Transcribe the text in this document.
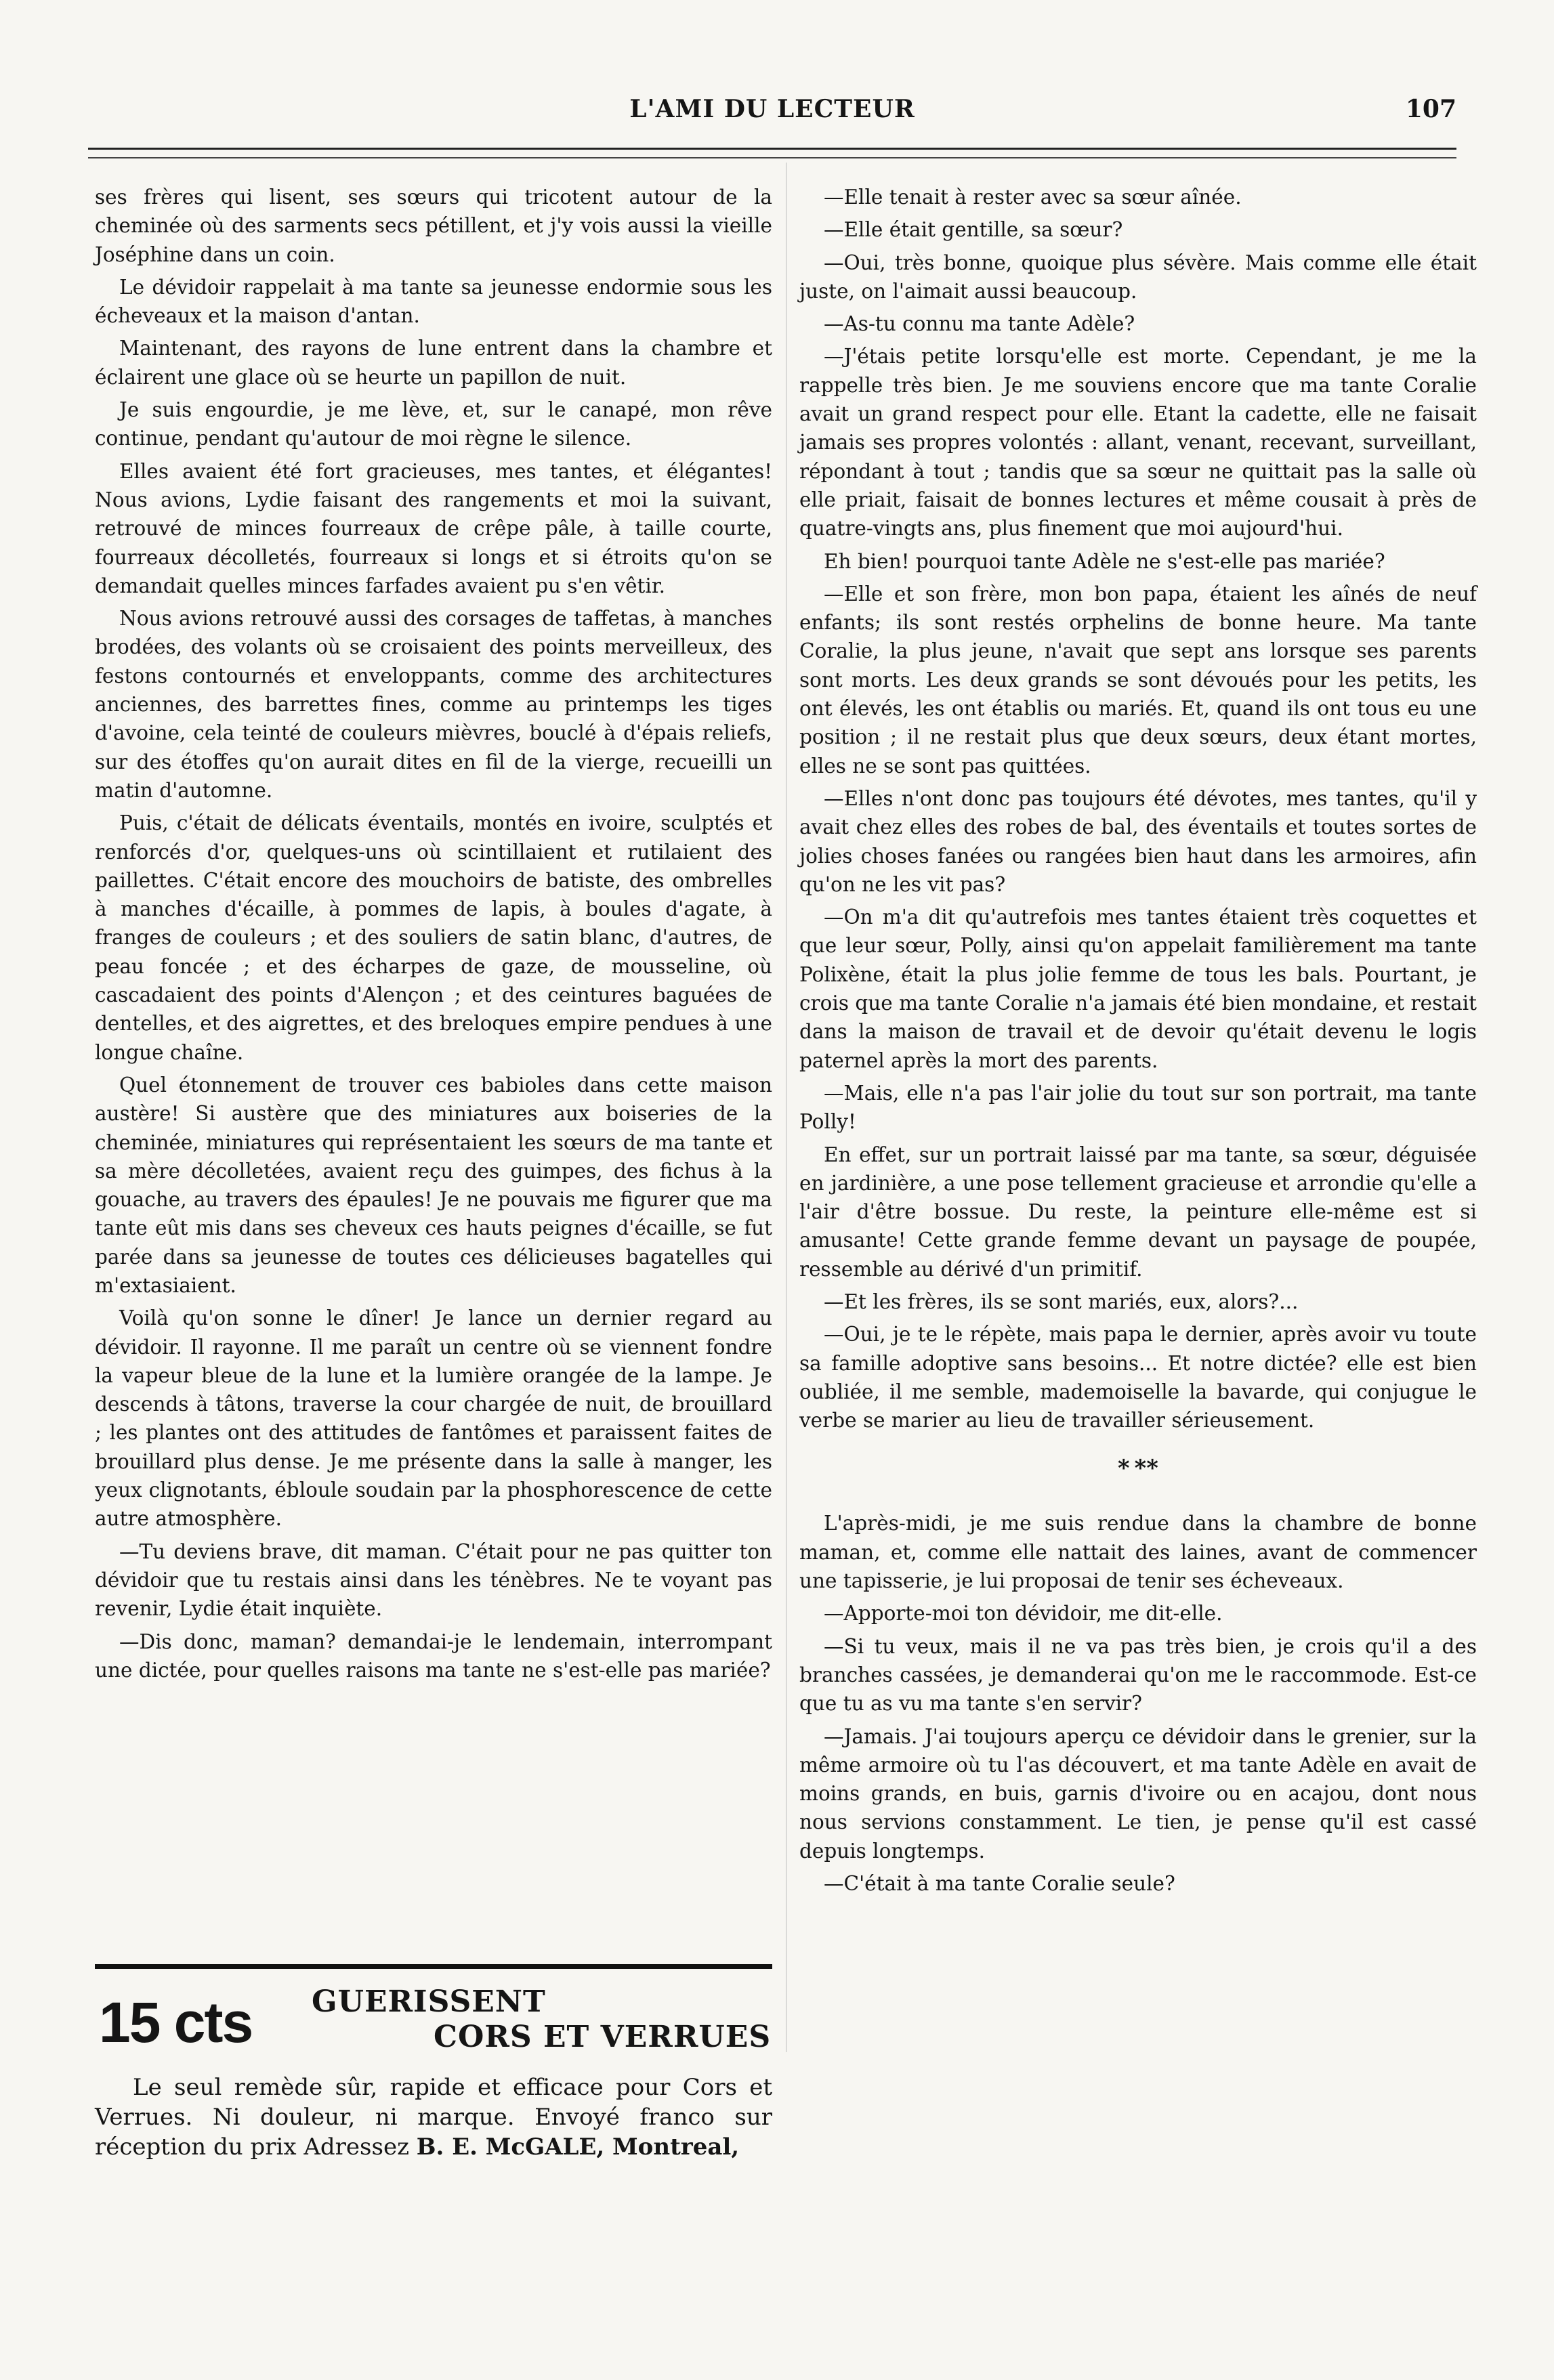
L'AMI DU LECTEUR	107

ses frères qui lisent, ses sœurs qui tricotent autour de la cheminée où des sarments secs pétillent, et j'y vois aussi la vieille Joséphine dans un coin.

Le dévidoir rappelait à ma tante sa jeunesse endormie sous les écheveaux et la maison d'antan.

Maintenant, des rayons de lune entrent dans la chambre et éclairent une glace où se heurte un papillon de nuit.

Je suis engourdie, je me lève, et, sur le canapé, mon rêve continue, pendant qu'autour de moi règne le silence.

Elles avaient été fort gracieuses, mes tantes, et élégantes! Nous avions, Lydie faisant des rangements et moi la suivant, retrouvé de minces fourreaux de crêpe pâle, à taille courte, fourreaux décolletés, fourreaux si longs et si étroits qu'on se demandait quelles minces farfades avaient pu s'en vêtir.

Nous avions retrouvé aussi des corsages de taffetas, à manches brodées, des volants où se croisaient des points merveilleux, des festons contournés et enveloppants, comme des architectures anciennes, des barrettes fines, comme au printemps les tiges d'avoine, cela teinté de couleurs mièvres, bouclé à d'épais reliefs, sur des étoffes qu'on aurait dites en fil de la vierge, recueilli un matin d'automne.

Puis, c'était de délicats éventails, montés en ivoire, sculptés et renforcés d'or, quelques-uns où scintillaient et rutilaient des paillettes. C'était encore des mouchoirs de batiste, des ombrelles à manches d'écaille, à pommes de lapis, à boules d'agate, à franges de couleurs ; et des souliers de satin blanc, d'autres, de peau foncée ; et des écharpes de gaze, de mousseline, où cascadaient des points d'Alençon ; et des ceintures baguées de dentelles, et des aigrettes, et des breloques empire pendues à une longue chaîne.

Quel étonnement de trouver ces babioles dans cette maison austère! Si austère que des miniatures aux boiseries de la cheminée, miniatures qui représentaient les sœurs de ma tante et sa mère décolletées, avaient reçu des guimpes, des fichus à la gouache, au travers des épaules! Je ne pouvais me figurer que ma tante eût mis dans ses cheveux ces hauts peignes d'écaille, se fut parée dans sa jeunesse de toutes ces délicieuses bagatelles qui m'extasiaient.

Voilà qu'on sonne le dîner! Je lance un dernier regard au dévidoir. Il rayonne. Il me paraît un centre où se viennent fondre la vapeur bleue de la lune et la lumière orangée de la lampe. Je descends à tâtons, traverse la cour chargée de nuit, de brouillard ; les plantes ont des attitudes de fantômes et paraissent faites de brouillard plus dense. Je me présente dans la salle à manger, les yeux clignotants, ébloule soudain par la phosphorescence de cette autre atmosphère.

—Tu deviens brave, dit maman. C'était pour ne pas quitter ton dévidoir que tu restais ainsi dans les ténèbres. Ne te voyant pas revenir, Lydie était inquiète.

—Dis donc, maman? demandai-je le lendemain, interrompant une dictée, pour quelles raisons ma tante ne s'est-elle pas mariée?

—Elle tenait à rester avec sa sœur aînée.

—Elle était gentille, sa sœur?

—Oui, très bonne, quoique plus sévère. Mais comme elle était juste, on l'aimait aussi beaucoup.

—As-tu connu ma tante Adèle?

—J'étais petite lorsqu'elle est morte. Cependant, je me la rappelle très bien. Je me souviens encore que ma tante Coralie avait un grand respect pour elle. Etant la cadette, elle ne faisait jamais ses propres volontés : allant, venant, recevant, surveillant, répondant à tout ; tandis que sa sœur ne quittait pas la salle où elle priait, faisait de bonnes lectures et même cousait à près de quatre-vingts ans, plus finement que moi aujourd'hui.

Eh bien! pourquoi tante Adèle ne s'est-elle pas mariée?

—Elle et son frère, mon bon papa, étaient les aînés de neuf enfants; ils sont restés orphelins de bonne heure. Ma tante Coralie, la plus jeune, n'avait que sept ans lorsque ses parents sont morts. Les deux grands se sont dévoués pour les petits, les ont élevés, les ont établis ou mariés. Et, quand ils ont tous eu une position ; il ne restait plus que deux sœurs, deux étant mortes, elles ne se sont pas quittées.

—Elles n'ont donc pas toujours été dévotes, mes tantes, qu'il y avait chez elles des robes de bal, des éventails et toutes sortes de jolies choses fanées ou rangées bien haut dans les armoires, afin qu'on ne les vit pas?

—On m'a dit qu'autrefois mes tantes étaient très coquettes et que leur sœur, Polly, ainsi qu'on appelait familièrement ma tante Polixène, était la plus jolie femme de tous les bals. Pourtant, je crois que ma tante Coralie n'a jamais été bien mondaine, et restait dans la maison de travail et de devoir qu'était devenu le logis paternel après la mort des parents.

—Mais, elle n'a pas l'air jolie du tout sur son portrait, ma tante Polly!

En effet, sur un portrait laissé par ma tante, sa sœur, déguisée en jardinière, a une pose tellement gracieuse et arrondie qu'elle a l'air d'être bossue. Du reste, la peinture elle-même est si amusante! Cette grande femme devant un paysage de poupée, ressemble au dérivé d'un primitif.

—Et les frères, ils se sont mariés, eux, alors?...

—Oui, je te le répète, mais papa le dernier, après avoir vu toute sa famille adoptive sans besoins... Et notre dictée? elle est bien oubliée, il me semble, mademoiselle la bavarde, qui conjugue le verbe se marier au lieu de travailler sérieusement.

* **

L'après-midi, je me suis rendue dans la chambre de bonne maman, et, comme elle nattait des laines, avant de commencer une tapisserie, je lui proposai de tenir ses écheveaux.

—Apporte-moi ton dévidoir, me dit-elle.

—Si tu veux, mais il ne va pas très bien, je crois qu'il a des branches cassées, je demanderai qu'on me le raccommode. Est-ce que tu as vu ma tante s'en servir?

—Jamais. J'ai toujours aperçu ce dévidoir dans le grenier, sur la même armoire où tu l'as découvert, et ma tante Adèle en avait de moins grands, en buis, garnis d'ivoire ou en acajou, dont nous nous servions constamment. Le tien, je pense qu'il est cassé depuis longtemps.

—C'était à ma tante Coralie seule?

15 cts GUERISSENT
CORS ET VERRUES
Le seul remède sûr, rapide et efficace pour Cors et Verrues. Ni douleur, ni marque. Envoyé franco sur réception du prix Adressez B. E. McGALE, Montreal,
